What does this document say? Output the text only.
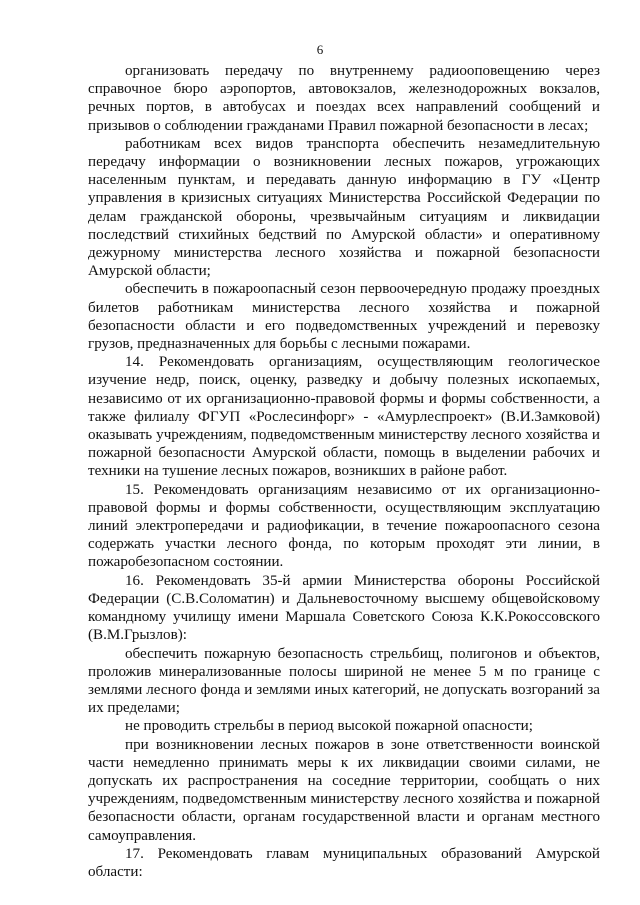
6

организовать передачу по внутреннему радиооповещению через справочное бюро аэропортов, автовокзалов, железнодорожных вокзалов, речных портов, в автобусах и поездах всех направлений сообщений и призывов о соблюдении гражданами Правил пожарной безопасности в лесах;

работникам всех видов транспорта обеспечить незамедлительную передачу информации о возникновении лесных пожаров, угрожающих населенным пунктам, и передавать данную информацию в ГУ «Центр управления в кризисных ситуациях Министерства Российской Федерации по делам гражданской обороны, чрезвычайным ситуациям и ликвидации последствий стихийных бедствий по Амурской области» и оперативному дежурному министерства лесного хозяйства и пожарной безопасности Амурской области;

обеспечить в пожароопасный сезон первоочередную продажу проездных билетов работникам министерства лесного хозяйства и пожарной безопасности области и его подведомственных учреждений и перевозку грузов, предназначенных для борьбы с лесными пожарами.

14. Рекомендовать организациям, осуществляющим геологическое изучение недр, поиск, оценку, разведку и добычу полезных ископаемых, независимо от их организационно-правовой формы и формы собственности, а также филиалу ФГУП «Рослесинфорг» - «Амурлеспроект» (В.И.Замковой) оказывать учреждениям, подведомственным министерству лесного хозяйства и пожарной безопасности Амурской области, помощь в выделении рабочих и техники на тушение лесных пожаров, возникших в районе работ.

15. Рекомендовать организациям независимо от их организационно-правовой формы и формы собственности, осуществляющим эксплуатацию линий электропередачи и радиофикации, в течение пожароопасного сезона содержать участки лесного фонда, по которым проходят эти линии, в пожаробезопасном состоянии.

16. Рекомендовать 35-й армии Министерства обороны Российской Федерации (С.В.Соломатин) и Дальневосточному высшему общевойсковому командному училищу имени Маршала Советского Союза К.К.Рокоссовского (В.М.Грызлов):

обеспечить пожарную безопасность стрельбищ, полигонов и объектов, проложив минерализованные полосы шириной не менее 5 м по границе с землями лесного фонда и землями иных категорий, не допускать возгораний за их пределами;

не проводить стрельбы в период высокой пожарной опасности;

при возникновении лесных пожаров в зоне ответственности воинской части немедленно принимать меры к их ликвидации своими силами, не допускать их распространения на соседние территории, сообщать о них учреждениям, подведомственным министерству лесного хозяйства и пожарной безопасности области, органам государственной власти и органам местного самоуправления.

17. Рекомендовать главам муниципальных образований Амурской области:
